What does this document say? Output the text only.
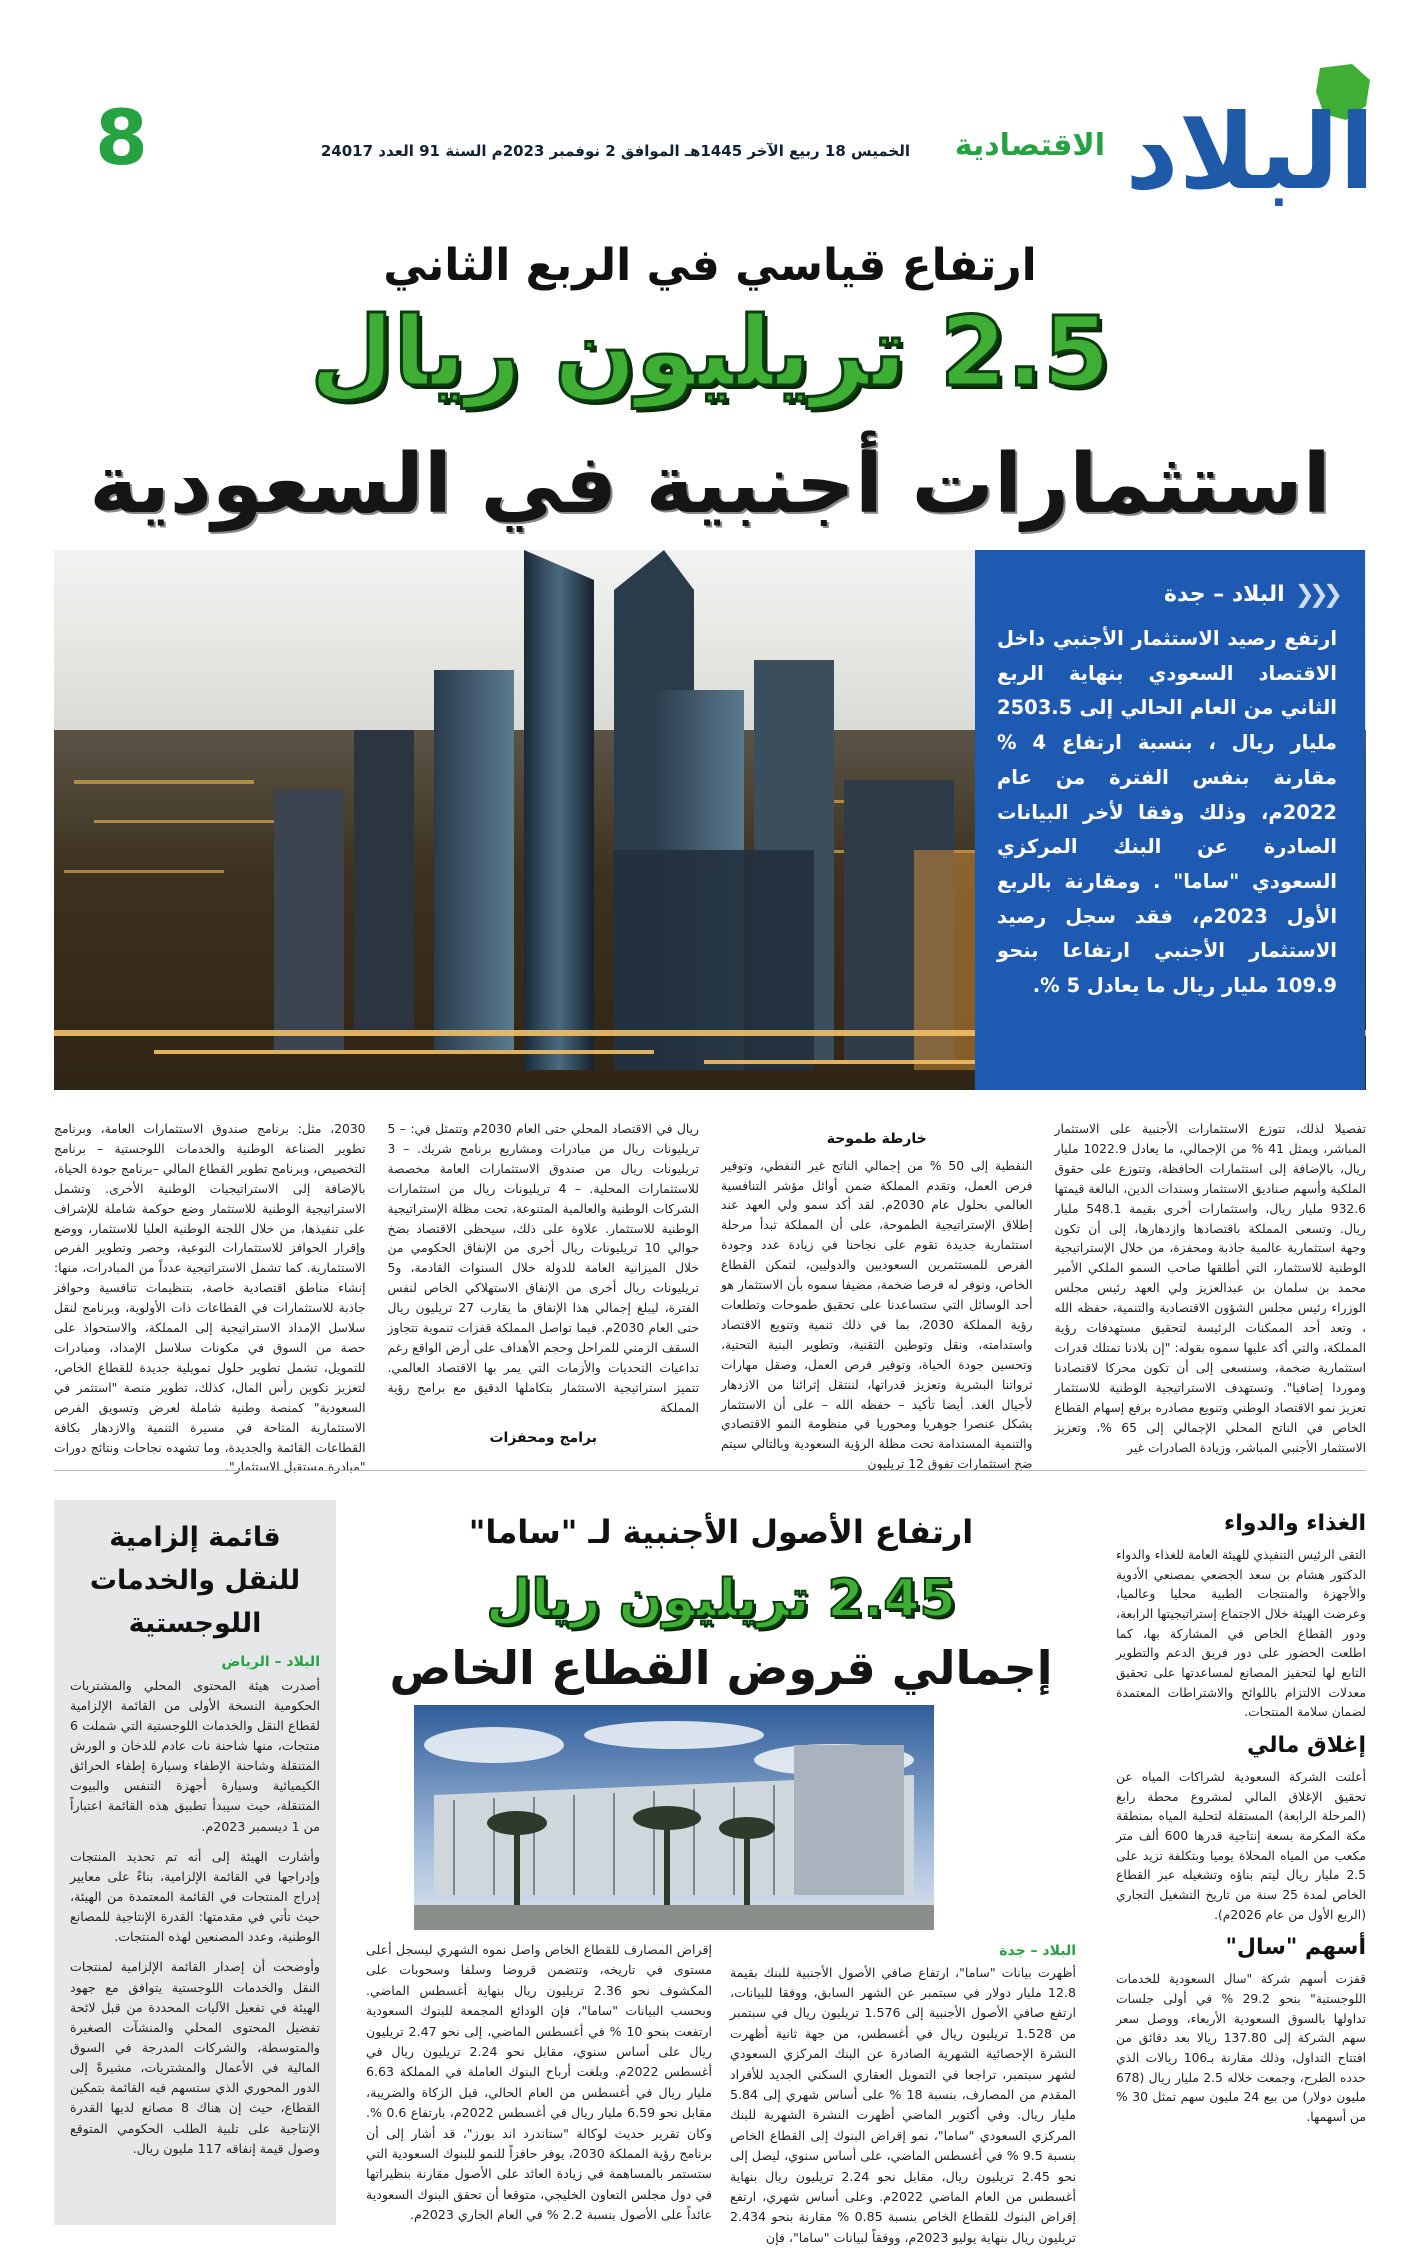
البلاد
الاقتصادية
الخميس 18 ربيع الآخر 1445هـ الموافق 2 نوفمبر 2023م السنة 91 العدد 24017
8
ارتفاع قياسي في الربع الثاني
2.5 تريليون ريال
استثمارات أجنبية في السعودية
❮❮❮
البلاد – جدة
ارتفع رصيد الاستثمار الأجنبي داخل الاقتصاد السعودي بنهاية الربع الثاني من العام الحالي إلى 2503.5 مليار ريال ، بنسبة ارتفاع 4 % مقارنة بنفس الفترة من عام 2022م، وذلك وفقا لأخر البيانات الصادرة عن البنك المركزي السعودي "ساما" . ومقارنة بالربع الأول 2023م، فقد سجل رصيد الاستثمار الأجنبي ارتفاعا بنحو 109.9 مليار ريال ما يعادل 5 %.

تفصيلا لذلك، تتوزع الاستثمارات الأجنبية على الاستثمار المباشر، ويمثل 41 % من الإجمالي، ما يعادل 1022.9 مليار ريال، بالإضافة إلى استثمارات الحافظة، وتتوزع على حقوق الملكية وأسهم صناديق الاستثمار وسندات الدين، البالغة قيمتها 932.6 مليار ريال، واستثمارات أخرى بقيمة 548.1 مليار ريال. وتسعى المملكة باقتصادها وازدهارها، إلى أن تكون وجهة استثمارية عالمية جاذبة ومحفزة، من خلال الإستراتيجية الوطنية للاستثمار، التي أطلقها صاحب السمو الملكي الأمير محمد بن سلمان بن عبدالعزيز ولي العهد رئيس مجلس الوزراء رئيس مجلس الشؤون الاقتصادية والتنمية، حفظه الله ، وتعد أحد الممكنات الرئيسة لتحقيق مستهدفات رؤية المملكة، والتي أكد عليها سموه بقوله: "إن بلادنا تمتلك قدرات استثمارية ضخمة، وسنسعى إلى أن تكون محركا لاقتصادنا وموردا إضافيا". وتستهدف الاستراتيجية الوطنية للاستثمار تعزيز نمو الاقتصاد الوطني وتنويع مصادره برفع إسهام القطاع الخاص في الناتج المحلي الإجمالي إلى 65 %، وتعزيز الاستثمار الأجنبي المباشر، وزيادة الصادرات غير

خارطة طموحة

النفطية إلى 50 % من إجمالي الناتج غير النفطي، وتوفير فرص العمل، وتقدم المملكة ضمن أوائل مؤشر التنافسية العالمي بحلول عام 2030م. لقد أكد سمو ولي العهد عند إطلاق الإستراتيجية الطموحة، على أن المملكة تبدأ مرحلة استثمارية جديدة تقوم على نجاحنا في زيادة عدد وجودة الفرص للمستثمرين السعوديين والدوليين، لتمكن القطاع الخاص، ونوفر له فرصا ضخمة، مضيفا سموه بأن الاستثمار هو أحد الوسائل التي ستساعدنا على تحقيق طموحات وتطلعات رؤية المملكة 2030، بما في ذلك تنمية وتنويع الاقتصاد واستدامته، ونقل وتوطين التقنية، وتطوير البنية التحتية، وتحسين جودة الحياة، وتوفير فرص العمل، وصقل مهارات ثرواتنا البشرية وتعزيز قدراتها، لننتقل إثرائنا من الازدهار لأجيال الغد. أيضا تأكيد – حفظه الله – على أن الاستثمار يشكل عنصرا جوهريا ومحوريا في منظومة النمو الاقتصادي والتنمية المستدامة تحت مظلة الرؤية السعودية وبالتالي سيتم ضخ استثمارات تفوق 12 تريليون

ريال في الاقتصاد المحلي حتى العام 2030م وتتمثل في: – 5 تريليونات ريال من مبادرات ومشاريع برنامج شريك. – 3 تريليونات ريال من صندوق الاستثمارات العامة مخصصة للاستثمارات المحلية. – 4 تريليونات ريال من استثمارات الشركات الوطنية والعالمية المتنوعة، تحت مظلة الإستراتيجية الوطنية للاستثمار. علاوة على ذلك، سيحظى الاقتصاد بضخ حوالي 10 تريليونات ريال أخرى من الإنفاق الحكومي من خلال الميزانية العامة للدولة خلال السنوات القادمة، و5 تريليونات ريال أخرى من الإنفاق الاستهلاكي الخاص لنفس الفترة، ليبلغ إجمالي هذا الإنفاق ما يقارب 27 تريليون ريال حتى العام 2030م. فيما تواصل المملكة قفزات تنموية تتجاوز السقف الزمني للمراحل وحجم الأهداف على أرض الواقع رغم تداعيات التحديات والأزمات التي يمر بها الاقتصاد العالمي. تتميز استراتيجية الاستثمار بتكاملها الدقيق مع برامج رؤية المملكة

برامج ومحفزات

2030، مثل: برنامج صندوق الاستثمارات العامة، وبرنامج تطوير الصناعة الوطنية والخدمات اللوجستية – برنامج التخصيص، وبرنامج تطوير القطاع المالي –برنامج جودة الحياة، بالإضافة إلى الاستراتيجيات الوطنية الأخرى. وتشمل الاستراتيجية الوطنية للاستثمار وضع حوكمة شاملة للإشراف على تنفيذها، من خلال اللجنة الوطنية العليا للاستثمار، ووضع وإقرار الحوافز للاستثمارات النوعية، وحصر وتطوير الفرص الاستثمارية. كما تشمل الاستراتيجية عدداً من المبادرات، منها: إنشاء مناطق اقتصادية خاصة، بتنظيمات تنافسية وحوافز جاذبة للاستثمارات في القطاعات ذات الأولوية، وبرنامج لنقل سلاسل الإمداد الاستراتيجية إلى المملكة، والاستحواذ على حصة من السوق في مكونات سلاسل الإمداد، ومبادرات للتمويل، تشمل تطوير حلول تمويلية جديدة للقطاع الخاص، لتعزيز تكوين رأس المال، كذلك، تطوير منصة "استثمر في السعودية" كمنصة وطنية شاملة لعرض وتسويق الفرص الاستثمارية المتاحة في مسيرة التنمية والازدهار بكافة القطاعات القائمة والجديدة، وما تشهده نجاحات ونتائج دورات "مبادرة مستقبل الاستثمار".

الغذاء والدواء
التقى الرئيس التنفيذي للهيئة العامة للغذاء والدواء الدكتور هشام بن سعد الجضعي بمصنعي الأدوية والأجهزة والمنتجات الطبية محليا وعالميا، وعرضت الهيئة خلال الاجتماع إستراتيجيتها الرابعة، ودور القطاع الخاص في المشاركة بها، كما اطلعت الحضور على دور فريق الدعم والتطوير التابع لها لتحفيز المصانع لمساعدتها على تحقيق معدلات الالتزام باللوائح والاشتراطات المعتمدة لضمان سلامة المنتجات.
إغلاق مالي
أعلنت الشركة السعودية لشراكات المياه عن تحقيق الإغلاق المالي لمشروع محطة رابغ (المرحلة الرابعة) المستقلة لتحلية المياه بمنطقة مكة المكرمة بسعة إنتاجية قدرها 600 ألف متر مكعب من المياه المحلاة يوميا وبتكلفة تزيد على 2.5 مليار ريال ليتم بناؤه وتشغيله عبر القطاع الخاص لمدة 25 سنة من تاريخ التشغيل التجاري (الربع الأول من عام 2026م).
أسهم "سال"
قفزت أسهم شركة "سال السعودية للخدمات اللوجستية" بنحو 29.2 % في أولى جلسات تداولها بالسوق السعودية الأربعاء، ووصل سعر سهم الشركة إلى 137.80 ريالا بعد دقائق من افتتاح التداول، وذلك مقارنة بـ106 ريالات الذي حدده الطرح، وجمعت خلاله 2.5 مليار ريال (678 مليون دولار) من بيع 24 مليون سهم تمثل 30 % من أسهمها.
قائمة إلزامية للنقل والخدمات اللوجستية
البلاد – الرياض
أصدرت هيئة المحتوى المحلي والمشتريات الحكومية النسخة الأولى من القائمة الإلزامية لقطاع النقل والخدمات اللوجستية التي شملت 6 منتجات، منها شاحنة نات عادم للدخان و الورش المتنقلة وشاحنة الإطفاء وسيارة إطفاء الحرائق الكيميائية وسيارة أجهزة التنفس والبيوت المتنقلة، حيث سيبدأ تطبيق هذه القائمة اعتباراً من 1 ديسمبر 2023م.
وأشارت الهيئة إلى أنه تم تحديد المنتجات وإدراجها في القائمة الإلزامية، بناءً على معايير إدراج المنتجات في القائمة المعتمدة من الهيئة، حيث تأتي في مقدمتها: القدرة الإنتاجية للمصانع الوطنية، وعدد المصنعين لهذه المنتجات.
وأوضحت أن إصدار القائمة الإلزامية لمنتجات النقل والخدمات اللوجستية يتوافق مع جهود الهيئة في تفعيل الآليات المحددة من قبل لائحة تفضيل المحتوى المحلي والمنشآت الصغيرة والمتوسطة، والشركات المدرجة في السوق المالية في الأعمال والمشتريات، مشيرةً إلى الدور المحوري الذي ستسهم فيه القائمة بتمكين القطاع، حيث إن هناك 8 مصانع لديها القدرة الإنتاجية على تلبية الطلب الحكومي المتوقع وصول قيمة إنفاقه 117 مليون ريال.
ارتفاع الأصول الأجنبية لـ "ساما"
2.45 تريليون ريال
إجمالي قروض القطاع الخاص
البلاد – جدة

أظهرت بيانات "ساما"، ارتفاع صافي الأصول الأجنبية للبنك بقيمة 12.8 مليار دولار في سبتمبر عن الشهر السابق، ووفقا للبيانات، ارتفع صافي الأصول الأجنبية إلى 1.576 تريليون ريال في سبتمبر من 1.528 تريليون ريال في أغسطس، من جهة ثانية أظهرت النشرة الإحصائية الشهرية الصادرة عن البنك المركزي السعودي لشهر سبتمبر، تراجعا في التمويل العقاري السكني الجديد للأفراد المقدم من المصارف، بنسبة 18 % على أساس شهري إلى 5.84 مليار ريال. وفي أكتوبر الماضي أظهرت النشرة الشهرية للبنك المركزي السعودي "ساما"، نمو إقراض البنوك إلى القطاع الخاص بنسبة 9.5 % في أغسطس الماضي، على أساس سنوي، ليصل إلى نحو 2.45 تريليون ريال، مقابل نحو 2.24 تريليون ريال بنهاية أغسطس من العام الماضي 2022م. وعلى أساس شهري، ارتفع إقراض البنوك للقطاع الخاص بنسبة 0.85 % مقارنة بنحو 2.434 تريليون ريال بنهاية يوليو 2023م، ووفقاً لبيانات "ساما"، فإن

إقراض المصارف للقطاع الخاص واصل نموه الشهري ليسجل أعلى مستوى في تاريخه، وتتضمن قروضا وسلفا وسحوبات على المكشوف نحو 2.36 تريليون ريال بنهاية أغسطس الماضي. وبحسب البيانات "ساما"، فإن الودائع المجمعة للبنوك السعودية ارتفعت بنحو 10 % في أغسطس الماضي، إلى نحو 2.47 تريليون ريال على أساس سنوي، مقابل نحو 2.24 تريليون ريال في أغسطس 2022م. وبلغت أرباح البنوك العاملة في المملكة 6.63 مليار ريال في أغسطس من العام الحالي، قبل الزكاة والضريبة، مقابل نحو 6.59 مليار ريال في أغسطس 2022م، بارتفاع 0.6 %. وكان تقرير حديث لوكالة "ستاندرد اند بورز"، قد أشار إلى أن برنامج رؤية المملكة 2030، يوفر حافزاً للنمو للبنوك السعودية التي ستستمر بالمساهمة في زيادة العائد على الأصول مقارنة بنظيراتها في دول مجلس التعاون الخليجي، متوقعا أن تحقق البنوك السعودية عائداً على الأصول بنسبة 2.2 % في العام الجاري 2023م.
